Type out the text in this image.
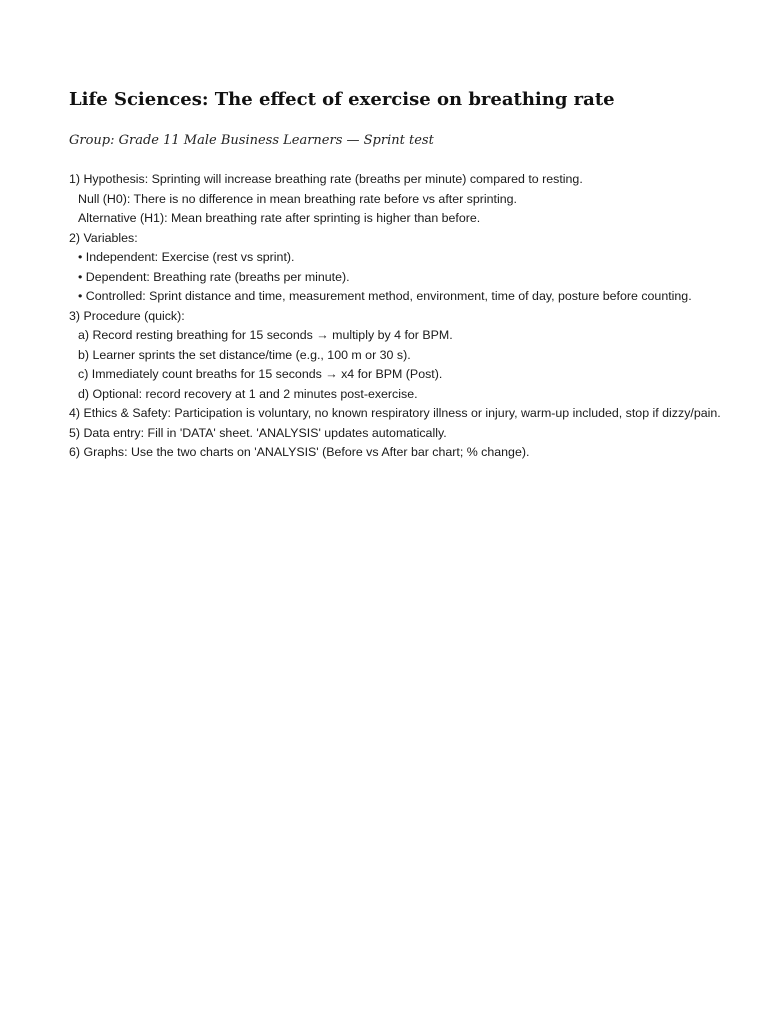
Life Sciences: The effect of exercise on breathing rate

Group: Grade 11 Male Business Learners — Sprint test

1) Hypothesis: Sprinting will increase breathing rate (breaths per minute) compared to resting.
Null (H0): There is no difference in mean breathing rate before vs after sprinting.
Alternative (H1): Mean breathing rate after sprinting is higher than before.
2) Variables:
• Independent: Exercise (rest vs sprint).
• Dependent: Breathing rate (breaths per minute).
• Controlled: Sprint distance and time, measurement method, environment, time of day, posture before counting.
3) Procedure (quick):
a) Record resting breathing for 15 seconds → multiply by 4 for BPM.
b) Learner sprints the set distance/time (e.g., 100 m or 30 s).
c) Immediately count breaths for 15 seconds → x4 for BPM (Post).
d) Optional: record recovery at 1 and 2 minutes post-exercise.
4) Ethics & Safety: Participation is voluntary, no known respiratory illness or injury, warm-up included, stop if dizzy/pain.
5) Data entry: Fill in 'DATA' sheet. 'ANALYSIS' updates automatically.
6) Graphs: Use the two charts on 'ANALYSIS' (Before vs After bar chart; % change).
